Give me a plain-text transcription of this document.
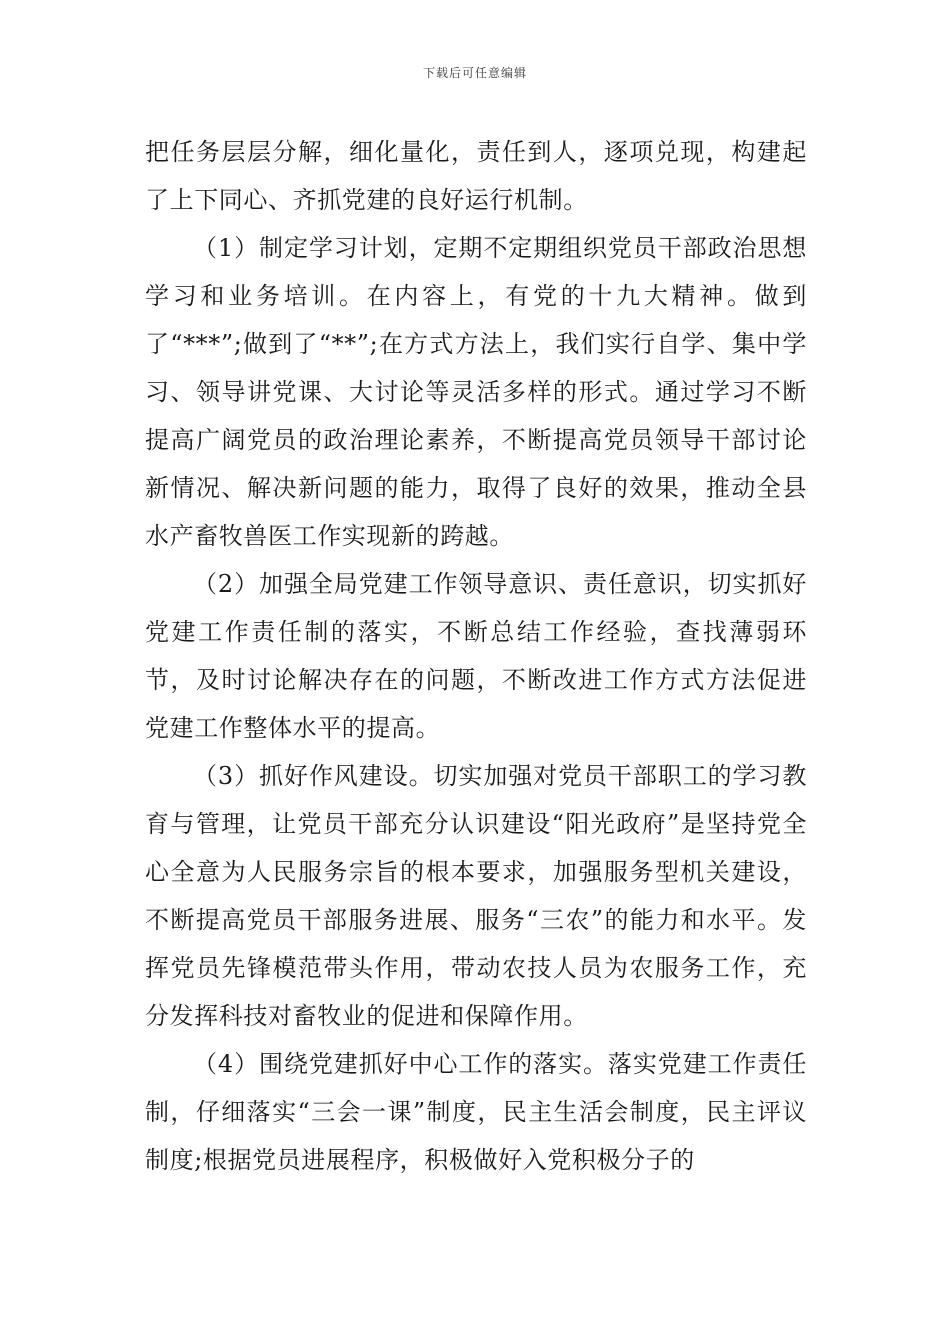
下载后可任意编辑

把任务层层分解，细化量化，责任到人，逐项兑现，构建起了上下同心、齐抓党建的良好运行机制。

（1）制定学习计划，定期不定期组织党员干部政治思想学习和业务培训。在内容上，有党的十九大精神。做到了“***”;做到了“**”;在方式方法上，我们实行自学、集中学习、领导讲党课、大讨论等灵活多样的形式。通过学习不断提高广阔党员的政治理论素养，不断提高党员领导干部讨论新情况、解决新问题的能力，取得了良好的效果，推动全县水产畜牧兽医工作实现新的跨越。

（2）加强全局党建工作领导意识、责任意识，切实抓好党建工作责任制的落实，不断总结工作经验，查找薄弱环节，及时讨论解决存在的问题，不断改进工作方式方法促进党建工作整体水平的提高。

（3）抓好作风建设。切实加强对党员干部职工的学习教育与管理，让党员干部充分认识建设“阳光政府”是坚持党全心全意为人民服务宗旨的根本要求，加强服务型机关建设，不断提高党员干部服务进展、服务“三农”的能力和水平。发挥党员先锋模范带头作用，带动农技人员为农服务工作，充分发挥科技对畜牧业的促进和保障作用。

（4）围绕党建抓好中心工作的落实。落实党建工作责任制，仔细落实“三会一课”制度，民主生活会制度，民主评议制度;根据党员进展程序，积极做好入党积极分子的
